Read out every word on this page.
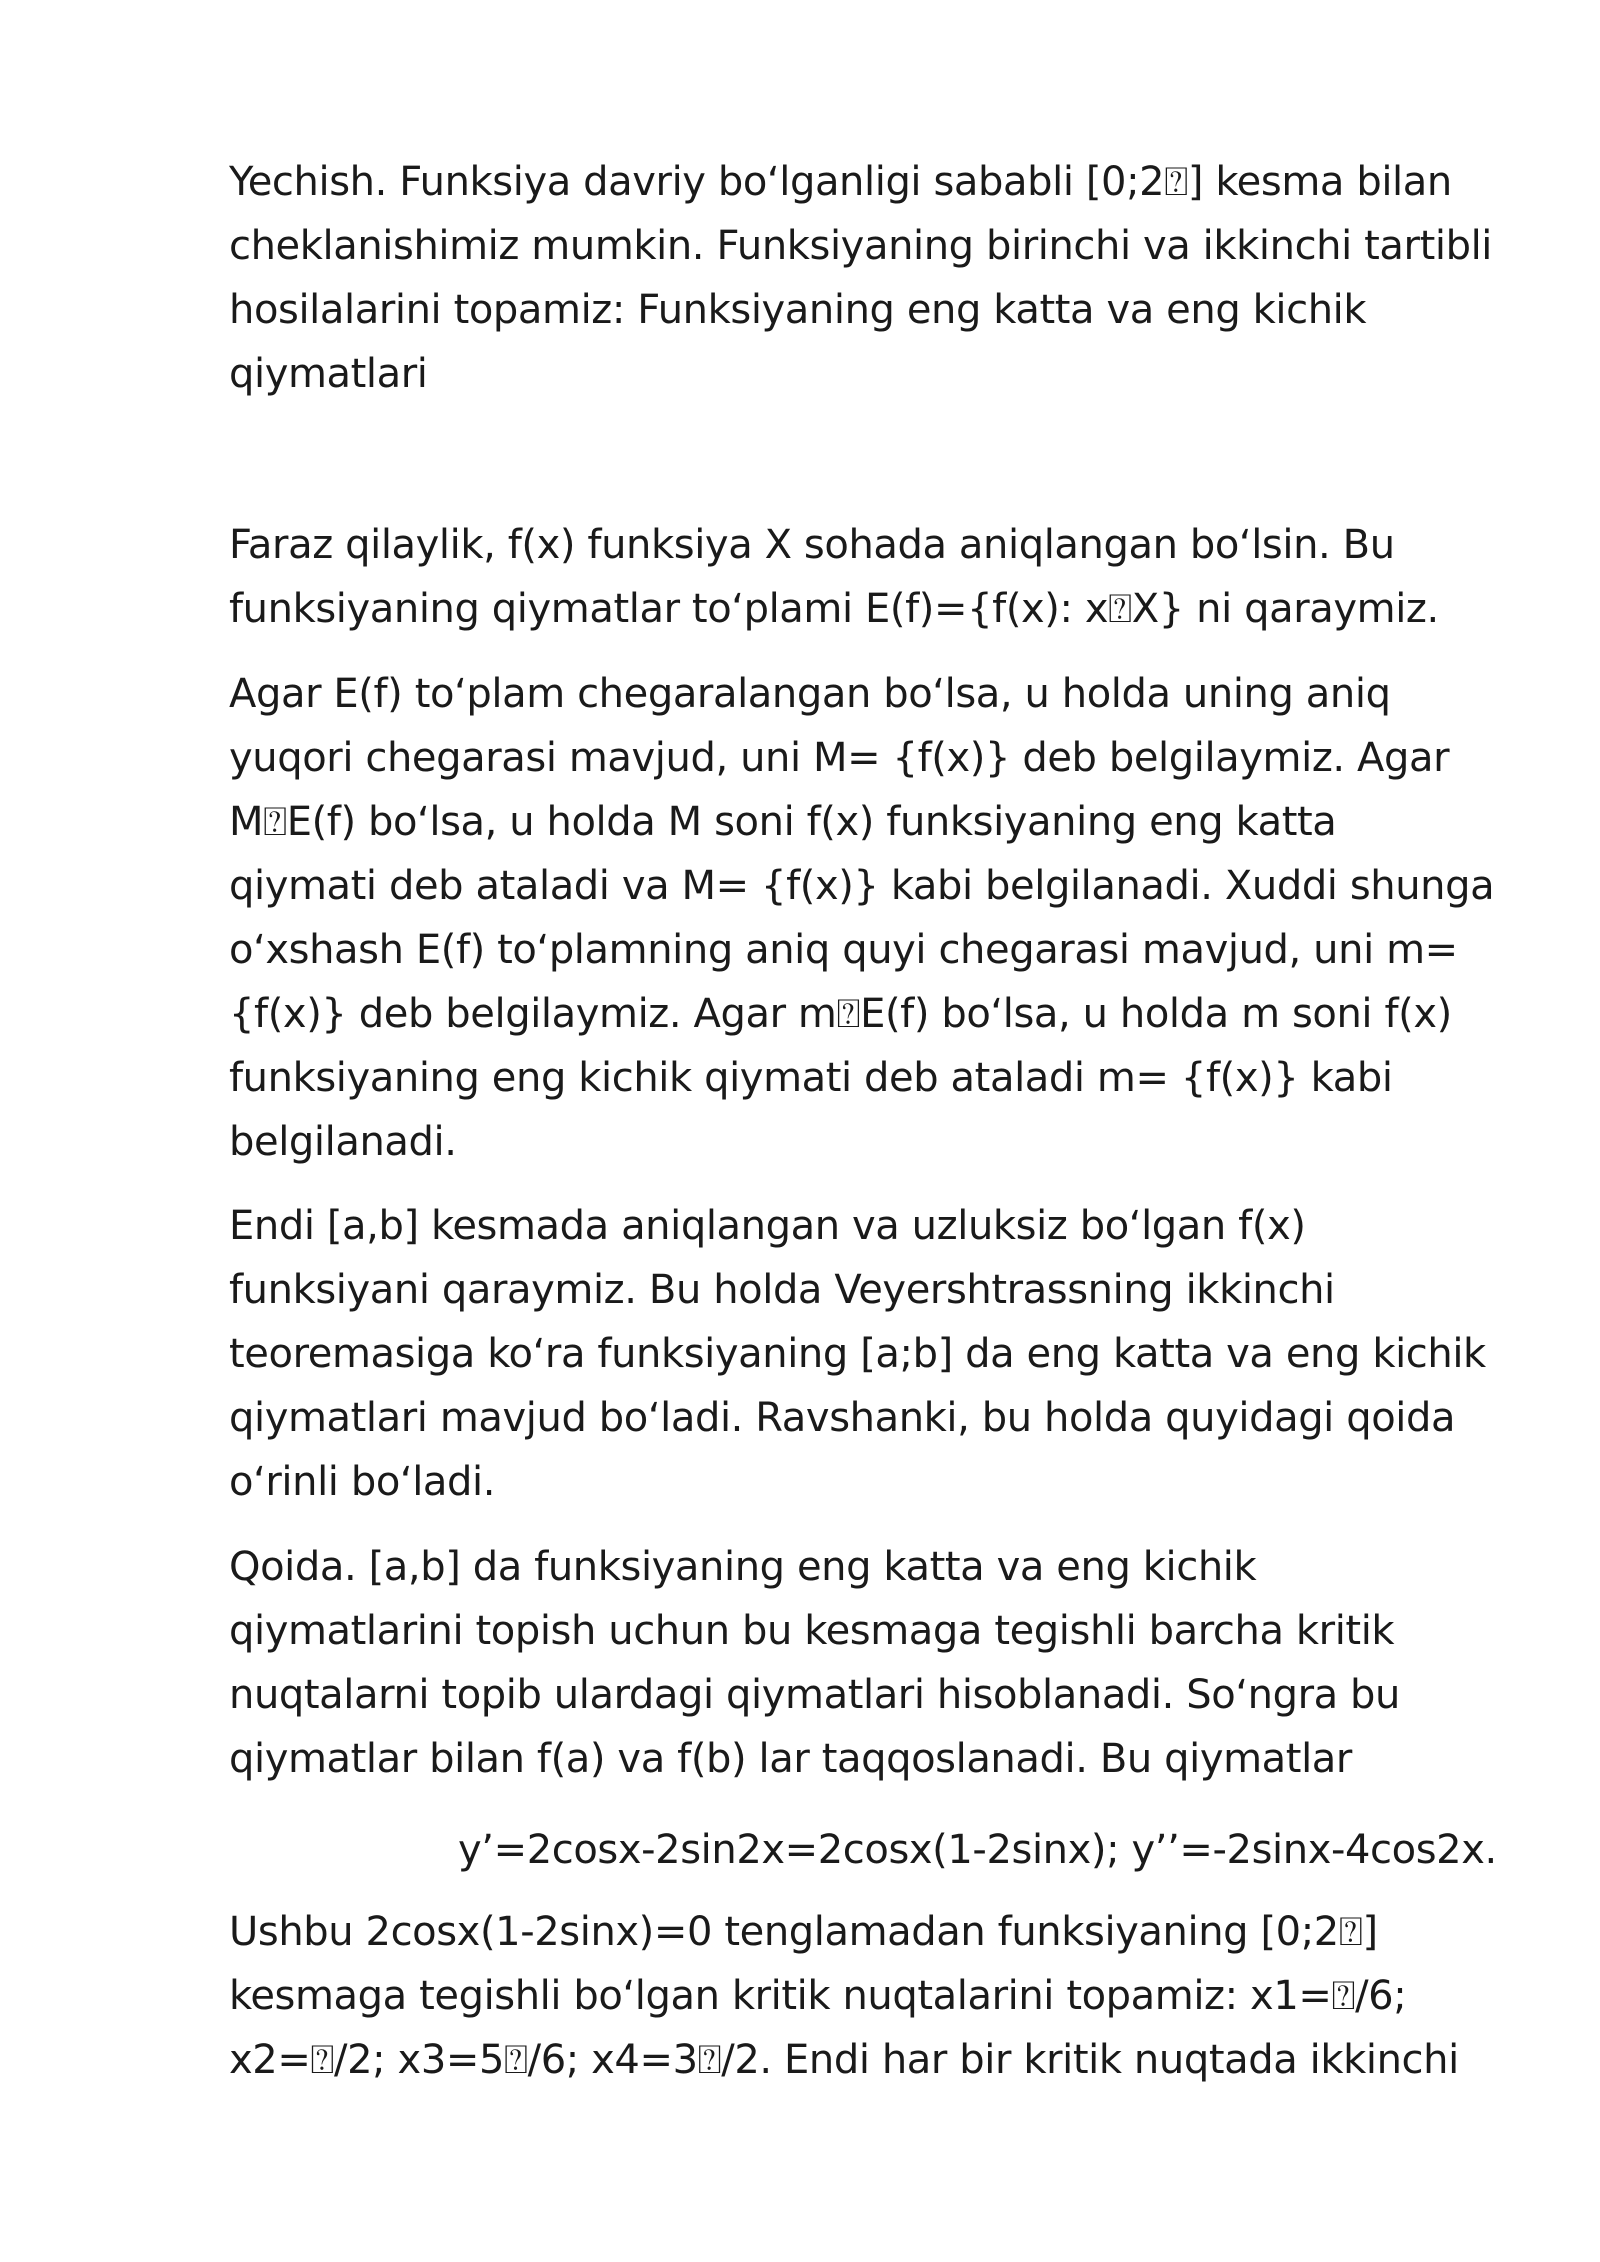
Yechish. Funksiya davriy bo‘lganligi sababli [0;2⍰] kesma bilan
cheklanishimiz mumkin. Funksiyaning birinchi va ikkinchi tartibli
hosilalarini topamiz: Funksiyaning eng katta va eng kichik
qiymatlari

Faraz qilaylik, f(x) funksiya X sohada aniqlangan bo‘lsin. Bu
funksiyaning qiymatlar to‘plami E(f)={f(x): x⍰X} ni qaraymiz.

Agar E(f) to‘plam chegaralangan bo‘lsa, u holda uning aniq
yuqori chegarasi mavjud, uni M= {f(x)} deb belgilaymiz. Agar
M⍰E(f) bo‘lsa, u holda M soni f(x) funksiyaning eng katta
qiymati deb ataladi va M= {f(x)} kabi belgilanadi. Xuddi shunga
o‘xshash E(f) to‘plamning aniq quyi chegarasi mavjud, uni m=
{f(x)} deb belgilaymiz. Agar m⍰E(f) bo‘lsa, u holda m soni f(x)
funksiyaning eng kichik qiymati deb ataladi m= {f(x)} kabi
belgilanadi.

Endi [a,b] kesmada aniqlangan va uzluksiz bo‘lgan f(x)
funksiyani qaraymiz. Bu holda Veyershtrassning ikkinchi
teoremasiga ko‘ra funksiyaning [a;b] da eng katta va eng kichik
qiymatlari mavjud bo‘ladi. Ravshanki, bu holda quyidagi qoida
o‘rinli bo‘ladi.

Qoida. [a,b] da funksiyaning eng katta va eng kichik
qiymatlarini topish uchun bu kesmaga tegishli barcha kritik
nuqtalarni topib ulardagi qiymatlari hisoblanadi. So‘ngra bu
qiymatlar bilan f(a) va f(b) lar taqqoslanadi. Bu qiymatlar

y’=2cosx-2sin2x=2cosx(1-2sinx); y’’=-2sinx-4cos2x.

Ushbu 2cosx(1-2sinx)=0 tenglamadan funksiyaning [0;2⍰]
kesmaga tegishli bo‘lgan kritik nuqtalarini topamiz: x1=⍰/6;
x2=⍰/2; x3=5⍰/6; x4=3⍰/2. Endi har bir kritik nuqtada ikkinchi
